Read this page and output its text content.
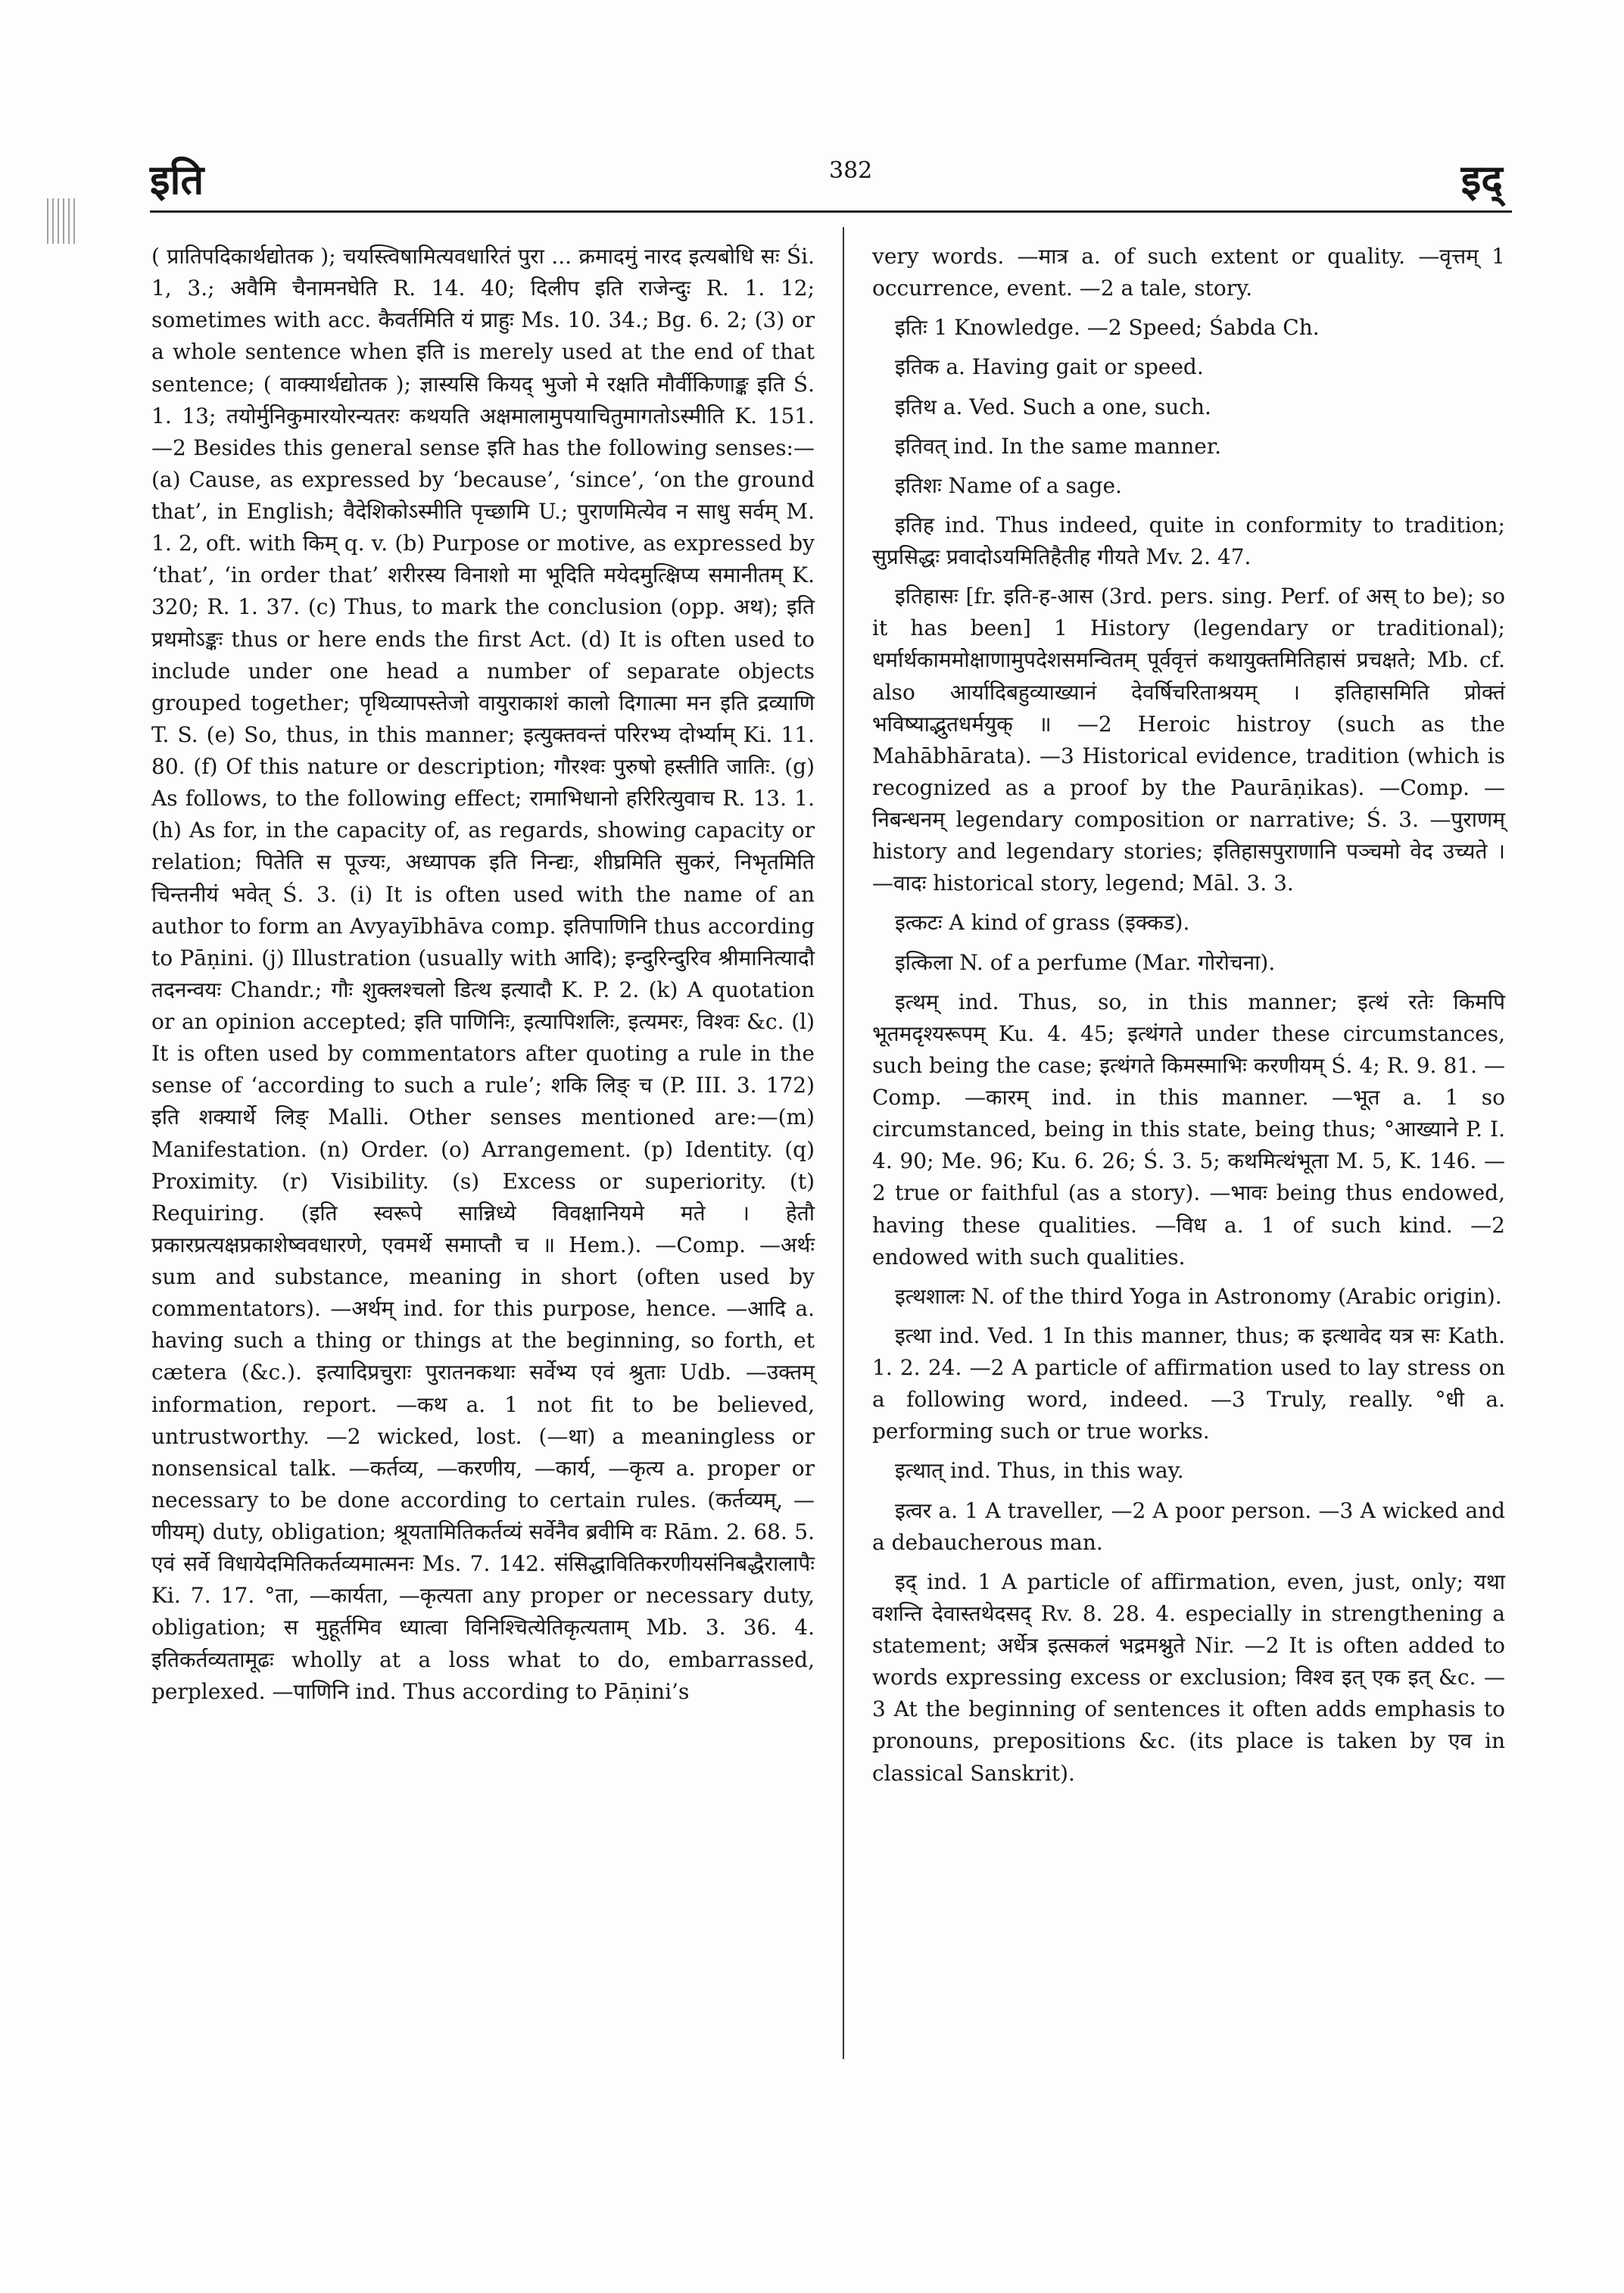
इति	382	इद्

( प्रातिपदिकार्थद्योतक ); चयस्त्विषामित्यवधारितं पुरा ... क्रमादमुं नारद इत्यबोधि सः Śi. 1, 3.; अवैमि चैनामनघेति R. 14. 40; दिलीप इति राजेन्दुः R. 1. 12; sometimes with acc. कैवर्तमिति यं प्राहुः Ms. 10. 34.; Bg. 6. 2; (3) or a whole sentence when इति is merely used at the end of that sentence; ( वाक्यार्थद्योतक ); ज्ञास्यसि कियद् भुजो मे रक्षति मौर्वीकिणाङ्क इति Ś. 1. 13; तयोर्मुनिकुमारयोरन्यतरः कथयति अक्षमालामुपयाचितुमागतोऽस्मीति K. 151. —2 Besides this general sense इति has the following senses:—(a) Cause, as expressed by ‘because’, ‘since’, ‘on the ground that’, in English; वैदेशिकोऽस्मीति पृच्छामि U.; पुराणमित्येव न साधु सर्वम् M. 1. 2, oft. with किम् q. v. (b) Purpose or motive, as expressed by ‘that’, ‘in order that’ शरीरस्य विनाशो मा भूदिति मयेदमुत्क्षिप्य समानीतम् K. 320; R. 1. 37. (c) Thus, to mark the conclusion (opp. अथ); इति प्रथमोऽङ्कः thus or here ends the first Act. (d) It is often used to include under one head a number of separate objects grouped together; पृथिव्यापस्तेजो वायुराकाशं कालो दिगात्मा मन इति द्रव्याणि T. S. (e) So, thus, in this manner; इत्युक्तवन्तं परिरभ्य दोर्भ्याम् Ki. 11. 80. (f) Of this nature or description; गौरश्वः पुरुषो हस्तीति जातिः. (g) As follows, to the following effect; रामाभिधानो हरिरित्युवाच R. 13. 1. (h) As for, in the capacity of, as regards, showing capacity or relation; पितेति स पूज्यः, अध्यापक इति निन्द्यः, शीघ्रमिति सुकरं, निभृतमिति चिन्तनीयं भवेत् Ś. 3. (i) It is often used with the name of an author to form an Avyayībhāva comp. इतिपाणिनि thus according to Pāṇini. (j) Illustration (usually with आदि); इन्दुरिन्दुरिव श्रीमानित्यादौ तदनन्वयः Chandr.; गौः शुक्लश्चलो डित्थ इत्यादौ K. P. 2. (k) A quotation or an opinion accepted; इति पाणिनिः, इत्यापिशलिः, इत्यमरः, विश्वः &c. (l) It is often used by commentators after quoting a rule in the sense of ‘according to such a rule’; शकि लिङ् च (P. III. 3. 172) इति शक्यार्थे लिङ् Malli. Other senses mentioned are:—(m) Manifestation. (n) Order. (o) Arrangement. (p) Identity. (q) Proximity. (r) Visibility. (s) Excess or superiority. (t) Requiring. (इति स्वरूपे सान्निध्ये विवक्षानियमे मते । हेतौ प्रकारप्रत्यक्षप्रकाशेष्ववधारणे, एवमर्थे समाप्तौ च ॥ Hem.). —Comp. —अर्थः sum and substance, meaning in short (often used by commentators). —अर्थम् ind. for this purpose, hence. —आदि a. having such a thing or things at the beginning, so forth, et cætera (&c.). इत्यादिप्रचुराः पुरातनकथाः सर्वेभ्य एवं श्रुताः Udb. —उक्तम् information, report. —कथ a. 1 not fit to be believed, untrustworthy. —2 wicked, lost. (—था) a meaningless or nonsensical talk. —कर्तव्य, —करणीय, —कार्य, —कृत्य a. proper or necessary to be done according to certain rules. (कर्तव्यम्, —णीयम्) duty, obligation; श्रूयतामितिकर्तव्यं सर्वेनैव ब्रवीमि वः Rām. 2. 68. 5. एवं सर्वे विधायेदमितिकर्तव्यमात्मनः Ms. 7. 142. संसिद्धावितिकरणीयसंनिबद्धैरालापैः Ki. 7. 17. °ता, —कार्यता, —कृत्यता any proper or necessary duty, obligation; स मुहूर्तमिव ध्यात्वा विनिश्चित्येतिकृत्यताम् Mb. 3. 36. 4. इतिकर्तव्यतामूढः wholly at a loss what to do, embarrassed, perplexed. —पाणिनि ind. Thus according to Pāṇini’s

very words. —मात्र a. of such extent or quality. —वृत्तम् 1 occurrence, event. —2 a tale, story.

इतिः 1 Knowledge. —2 Speed; Śabda Ch.

इतिक a. Having gait or speed.

इतिथ a. Ved. Such a one, such.

इतिवत् ind. In the same manner.

इतिशः Name of a sage.

इतिह ind. Thus indeed, quite in conformity to tradition; सुप्रसिद्धः प्रवादोऽयमितिहैतीह गीयते Mv. 2. 47.

इतिहासः [fr. इति-ह-आस (3rd. pers. sing. Perf. of अस् to be); so it has been] 1 History (legendary or traditional); धर्मार्थकाममोक्षाणामुपदेशसमन्वितम् पूर्ववृत्तं कथायुक्तमितिहासं प्रचक्षते; Mb. cf. also आर्यादिबहुव्याख्यानं देवर्षिचरिताश्रयम् । इतिहासमिति प्रोक्तं भविष्याद्भुतधर्मयुक् ॥ —2 Heroic histroy (such as the Mahābhārata). —3 Historical evidence, tradition (which is recognized as a proof by the Paurāṇikas). —Comp. —निबन्धनम् legendary composition or narrative; Ś. 3. —पुराणम् history and legendary stories; इतिहासपुराणानि पञ्चमो वेद उच्यते । —वादः historical story, legend; Māl. 3. 3.

इत्कटः A kind of grass (इक्कड).

इत्किला N. of a perfume (Mar. गोरोचना).

इत्थम् ind. Thus, so, in this manner; इत्थं रतेः किमपि भूतमदृश्यरूपम् Ku. 4. 45; इत्थंगते under these circumstances, such being the case; इत्थंगते किमस्माभिः करणीयम् Ś. 4; R. 9. 81. —Comp. —कारम् ind. in this manner. —भूत a. 1 so circumstanced, being in this state, being thus; °आख्याने P. I. 4. 90; Me. 96; Ku. 6. 26; Ś. 3. 5; कथमित्थंभूता M. 5, K. 146. —2 true or faithful (as a story). —भावः being thus endowed, having these qualities. —विध a. 1 of such kind. —2 endowed with such qualities.

इत्थशालः N. of the third Yoga in Astronomy (Arabic origin).

इत्था ind. Ved. 1 In this manner, thus; क इत्थावेद यत्र सः Kath. 1. 2. 24. —2 A particle of affirmation used to lay stress on a following word, indeed. —3 Truly, really. °धी a. performing such or true works.

इत्थात् ind. Thus, in this way.

इत्वर a. 1 A traveller, —2 A poor person. —3 A wicked and a debaucherous man.

इद् ind. 1 A particle of affirmation, even, just, only; यथा वशन्ति देवास्तथेदसद् Rv. 8. 28. 4. especially in strengthening a statement; अर्धेत्र इत्सकलं भद्रमश्नुते Nir. —2 It is often added to words expressing excess or exclusion; विश्व इत् एक इत् &c. —3 At the beginning of sentences it often adds emphasis to pronouns, prepositions &c. (its place is taken by एव in classical Sanskrit).
